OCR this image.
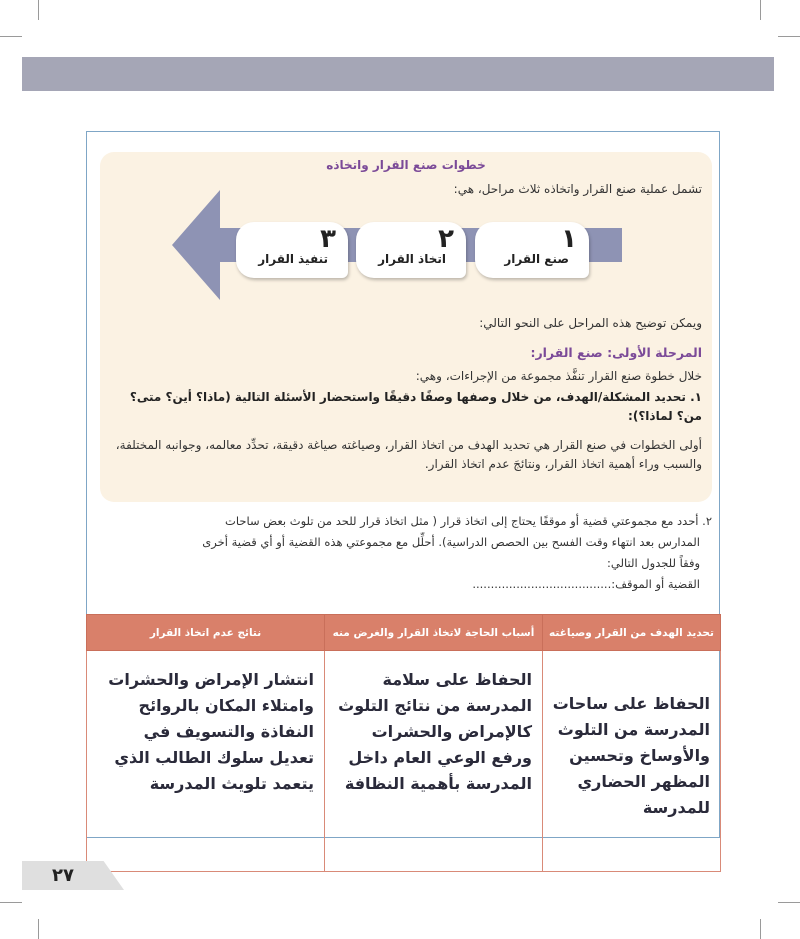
خطوات صنع القرار واتخاذه
تشمل عملية صنع القرار واتخاذه ثلاث مراحل، هي:
١
صنع القرار
٢
اتخاذ القرار
٣
تنفيذ القرار
ويمكن توضيح هذه المراحل على النحو التالي:
المرحلة الأولى: صنع القرار:
خلال خطوة صنع القرار تنفَّذ مجموعة من الإجراءات، وهي:
١. تحديد المشكلة/الهدف، من خلال وصفها وصفًا دقيقًا واستحضار الأسئلة التالية (ماذا؟ أين؟ متى؟ من؟ لماذا؟):
أولى الخطوات في صنع القرار هي تحديد الهدف من اتخاذ القرار، وصياغته صياغة دقيقة، تحدِّد معالمه، وجوانبه المختلفة، والسبب وراء أهمية اتخاذ القرار، ونتائجَ عدم اتخاذ القرار.
٢. أحدد مع مجموعتي قضية أو موقفًا يحتاج إلى اتخاذ قرار ( مثل اتخاذ قرار للحد من تلوث بعض ساحات
المدارس بعد انتهاء وقت الفسح بين الحصص الدراسية). أحلِّل مع مجموعتي هذه القضية أو أي قضية أخرى
وفقاً للجدول التالي:
القضية أو الموقف:......................................
تحديد الهدف من القرار وصياغته	أسباب الحاجة لاتخاذ القرار والغرض منه	نتائج عدم اتخاذ القرار
الحفاظ على ساحات المدرسة من التلوث والأوساخ وتحسين المظهر الحضاري للمدرسة	الحفاظ على سلامة المدرسة من نتائج التلوث كالإمراض والحشرات ورفع الوعي العام داخل المدرسة بأهمية النظافة	انتشار الإمراض والحشرات وامتلاء المكان بالروائح النفاذة والتسويف في تعديل سلوك الطالب الذي يتعمد تلويث المدرسة
٢٧
